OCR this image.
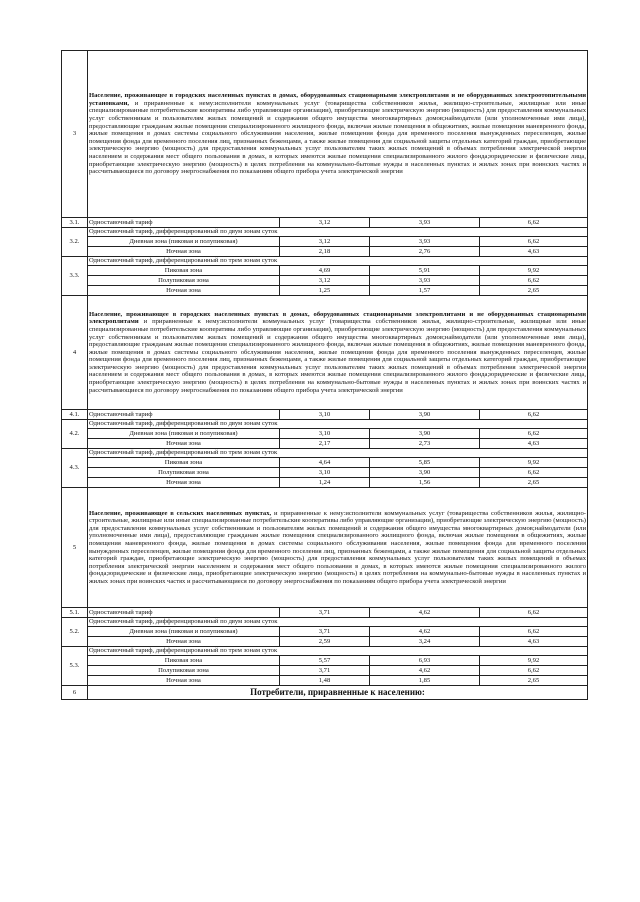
3	Население, проживающее в городских населенных пунктах в домах, оборудованных стационарными электроплитами и не оборудованных электроотопительными установками, и приравненные к нему:исполнители коммунальных услуг (товарищества собственников жилья, жилищно-строительные, жилищные или иные специализированные потребительские кооперативы либо управляющие организации), приобретающие электрическую энергию (мощность) для предоставления коммунальных услуг собственникам и пользователям жилых помещений и содержания общего имущества многоквартирных домов;наймодатели (или уполномоченные ими лица), предоставляющие гражданам жилые помещения специализированного жилищного фонда, включая жилые помещения в общежитиях, жилые помещения маневренного фонда, жилые помещения в домах системы социального обслуживания населения, жилые помещения фонда для временного поселения вынужденных переселенцев, жилые помещения фонда для временного поселения лиц, признанных беженцами, а также жилые помещения для социальной защиты отдельных категорий граждан, приобретающие электрическую энергию (мощность) для предоставления коммунальных услуг пользователям таких жилых помещений в объемах потребления электрической энергии населением и содержания мест общего пользования в домах, в которых имеются жилые помещения специализированного жилого фонда;юридические и физические лица, приобретающие электрическую энергию (мощность) в целях потребления на коммунально-бытовые нужды в населенных пунктах и жилых зонах при воинских частях и рассчитывающиеся по договору энергоснабжения по показаниям общего прибора учета электрической энергии			
3.1.	Одноставочный тариф	3,12	3,93	6,62
3.2.	Одноставочный тариф, дифференцированный по двум зонам суток			
	Дневная зона (пиковая и полупиковая)	3,12	3,93	6,62
	Ночная зона	2,18	2,76	4,63
3.3.	Одноставочный тариф, дифференцированный по трем зонам суток			
	Пиковая зона	4,69	5,91	9,92
	Полупиковая зона	3,12	3,93	6,62
	Ночная зона	1,25	1,57	2,65
4	Население, проживающее в городских населенных пунктах в домах, оборудованных стационарными электроплитами и не оборудованных стационарными электроплитами и приравненные к нему:исполнители коммунальных услуг (товарищества собственников жилья, жилищно-строительные, жилищные или иные специализированные потребительские кооперативы либо управляющие организации), приобретающие электрическую энергию (мощность) для предоставления коммунальных услуг собственникам и пользователям жилых помещений и содержания общего имущества многоквартирных домов;наймодатели (или уполномоченные ими лица), предоставляющие гражданам жилые помещения специализированного жилищного фонда, включая жилые помещения в общежитиях, жилые помещения маневренного фонда, жилые помещения в домах системы социального обслуживания населения, жилые помещения фонда для временного поселения вынужденных переселенцев, жилые помещения фонда для временного поселения лиц, признанных беженцами, а также жилые помещения для социальной защиты отдельных категорий граждан, приобретающие электрическую энергию (мощность) для предоставления коммунальных услуг пользователям таких жилых помещений в объемах потребления электрической энергии населением и содержания мест общего пользования в домах, в которых имеются жилые помещения специализированного жилого фонда;юридические и физические лица, приобретающие электрическую энергию (мощность) в целях потребления на коммунально-бытовые нужды в населенных пунктах и жилых зонах при воинских частях и рассчитывающиеся по договору энергоснабжения по показаниям общего прибора учета электрической энергии			
4.1.	Одноставочный тариф	3,10	3,90	6,62
4.2.	Одноставочный тариф, дифференцированный по двум зонам суток			
	Дневная зона (пиковая и полупиковая)	3,10	3,90	6,62
	Ночная зона	2,17	2,73	4,63
4.3.	Одноставочный тариф, дифференцированный по трем зонам суток			
	Пиковая зона	4,64	5,85	9,92
	Полупиковая зона	3,10	3,90	6,62
	Ночная зона	1,24	1,56	2,65
5	Население, проживающее в сельских населенных пунктах, и приравненные к нему:исполнители коммунальных услуг (товарищества собственников жилья, жилищно-строительные, жилищные или иные специализированные потребительские кооперативы либо управляющие организации), приобретающие электрическую энергию (мощность) для предоставления коммунальных услуг собственникам и пользователям жилых помещений и содержания общего имущества многоквартирных домов;наймодатели (или уполномоченные ими лица), предоставляющие гражданам жилые помещения специализированного жилищного фонда, включая жилые помещения в общежитиях, жилые помещения маневренного фонда, жилые помещения в домах системы социального обслуживания населения, жилые помещения фонда для временного поселения вынужденных переселенцев, жилые помещения фонда для временного поселения лиц, признанных беженцами, а также жилые помещения для социальной защиты отдельных категорий граждан, приобретающие электрическую энергию (мощность) для предоставления коммунальных услуг пользователям таких жилых помещений в объемах потребления электрической энергии населением и содержания мест общего пользования в домах, в которых имеются жилые помещения специализированного жилого фонда;юридические и физические лица, приобретающие электрическую энергию (мощность) в целях потребления на коммунально-бытовые нужды в населенных пунктах и жилых зонах при воинских частях и рассчитывающиеся по договору энергоснабжения по показаниям общего прибора учета электрической энергии			
5.1.	Одноставочный тариф	3,71	4,62	6,62
5.2.	Одноставочный тариф, дифференцированный по двум зонам суток			
	Дневная зона (пиковая и полупиковая)	3,71	4,62	6,62
	Ночная зона	2,59	3,24	4,63
5.3.	Одноставочный тариф, дифференцированный по трем зонам суток			
	Пиковая зона	5,57	6,93	9,92
	Полупиковая зона	3,71	4,62	6,62
	Ночная зона	1,48	1,85	2,65
6	Потребители, приравненные к населению:			
